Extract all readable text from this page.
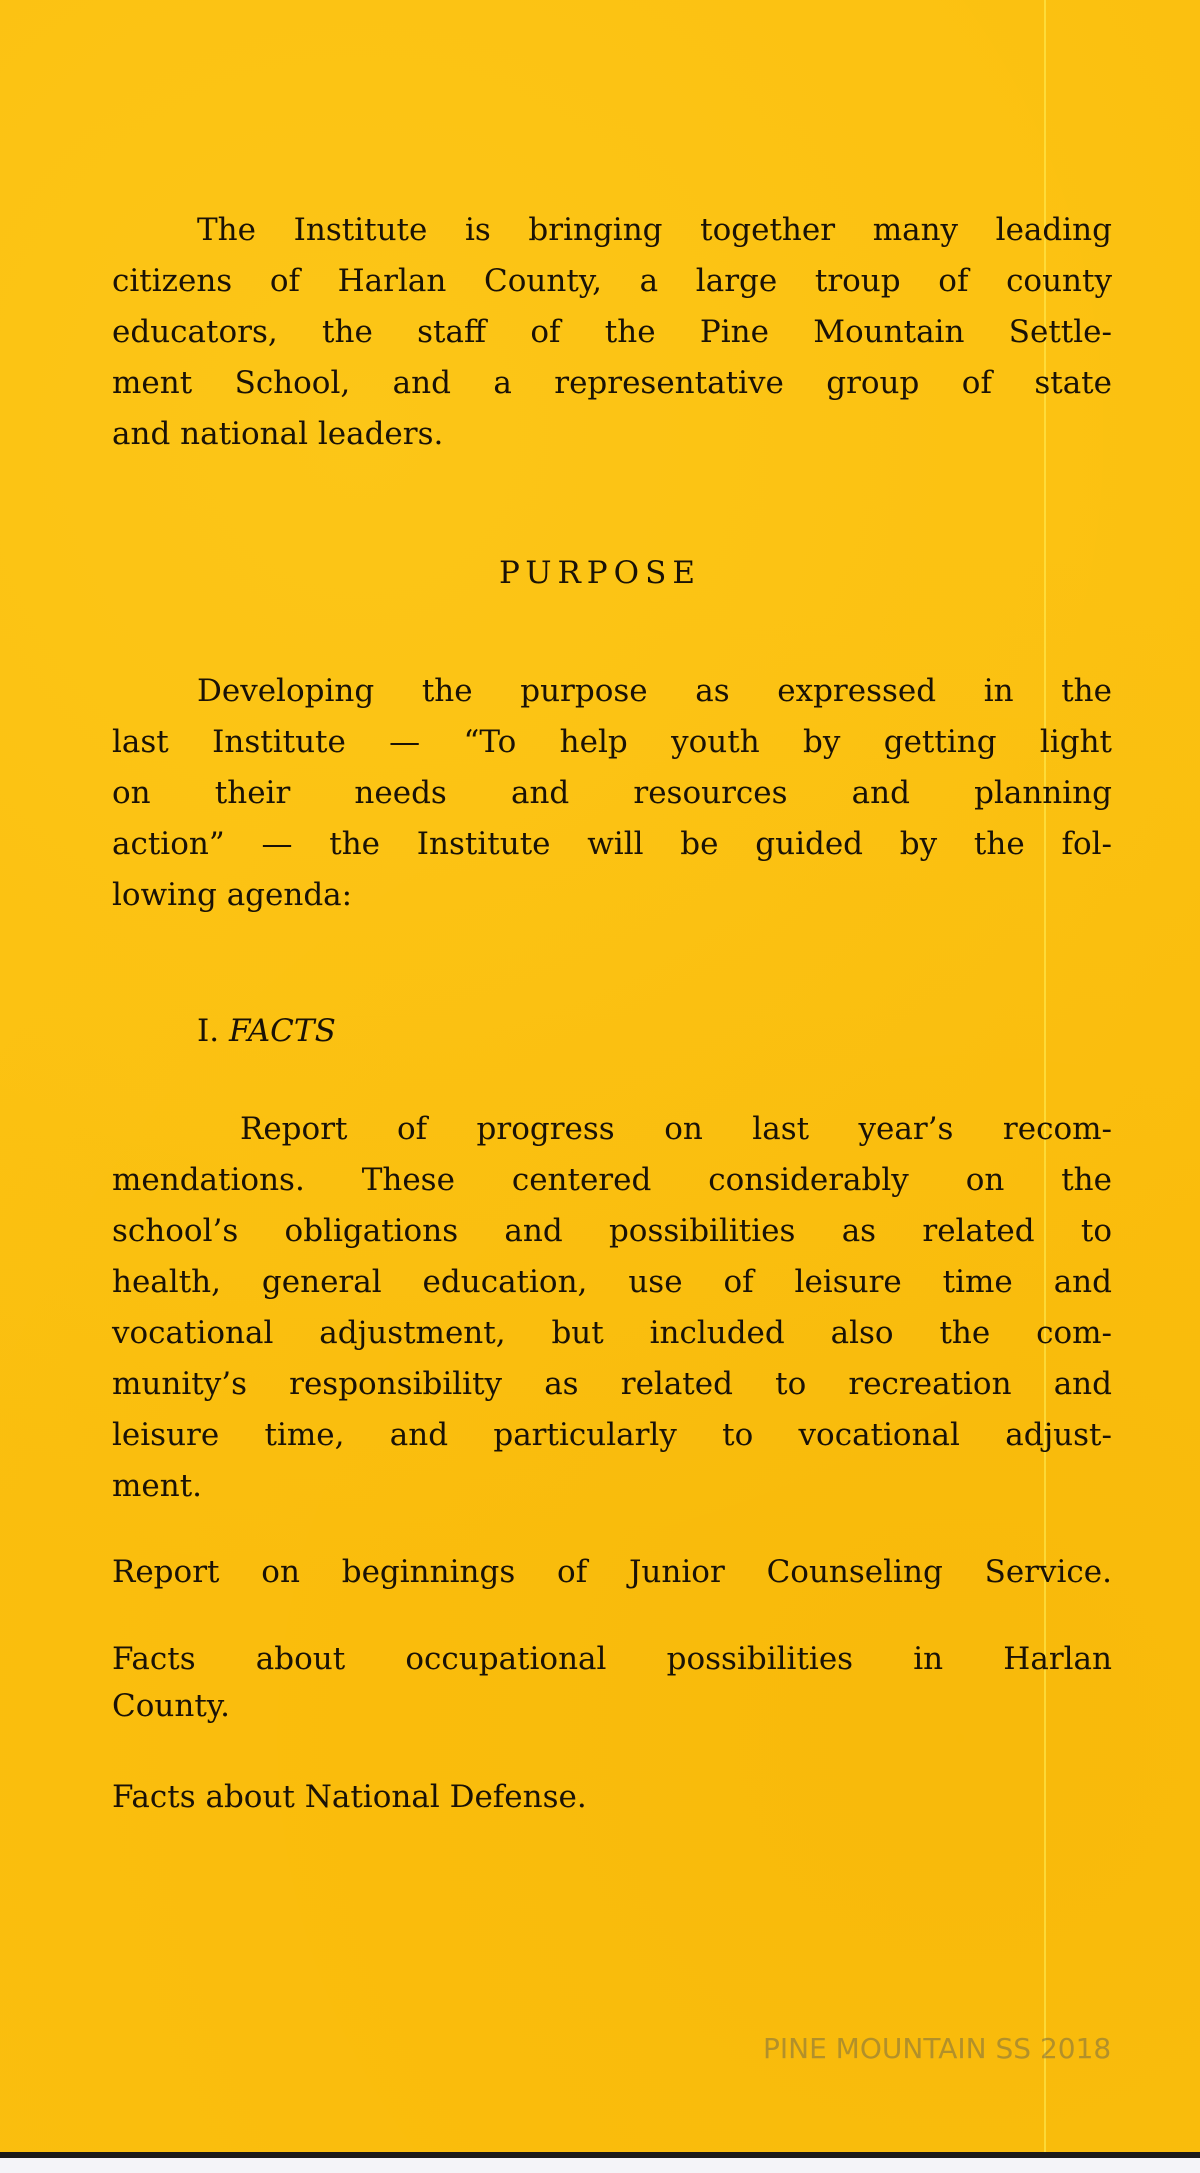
The Institute is bringing together many leading
citizens of Harlan County, a large troup of county
educators, the staff of the Pine Mountain Settle-
ment School, and a representative group of state
and national leaders.
PURPOSE
Developing the purpose as expressed in the
last Institute — “To help youth by getting light
on their needs and resources and planning
action” — the Institute will be guided by the fol-
lowing agenda:
I. FACTS
Report of progress on last year’s recom-
mendations. These centered considerably on the
school’s obligations and possibilities as related to
health, general education, use of leisure time and
vocational adjustment, but included also the com-
munity’s responsibility as related to recreation and
leisure time, and particularly to vocational adjust-
ment.
Report on beginnings of Junior Counseling Service.
Facts about occupational possibilities in Harlan
County.
Facts about National Defense.
PINE MOUNTAIN SS 2018
